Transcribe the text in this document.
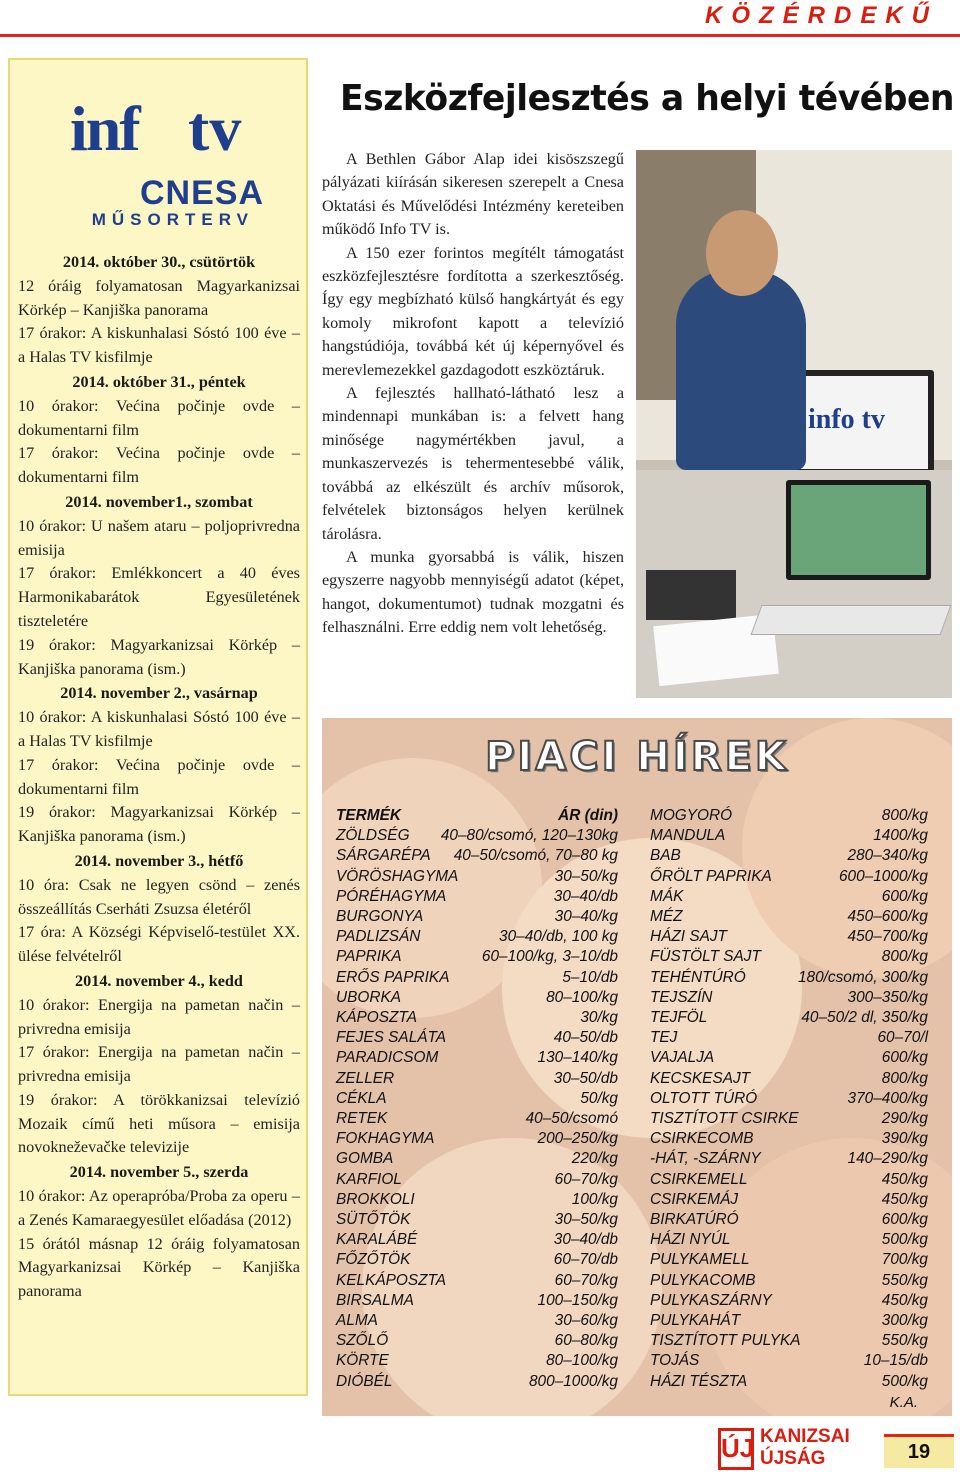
KÖZÉRDEKŰ
inf tv
CNESA
MŰSORTERV
2014. október 30., csütörtök
12 óráig folyamatosan Magyarkanizsai Körkép – Kanjiška panorama
17 órakor: A kiskunhalasi Sóstó 100 éve – a Halas TV kisfilmje
2014. október 31., péntek
10 órakor: Većina počinje ovde – dokumentarni film
17 órakor: Većina počinje ovde – dokumentarni film
2014. november1., szombat
10 órakor: U našem ataru – poljoprivredna emisija
17 órakor: Emlékkoncert a 40 éves Harmonikabarátok Egyesületének tiszteletére
19 órakor: Magyarkanizsai Körkép – Kanjiška panorama (ism.)
2014. november 2., vasárnap
10 órakor: A kiskunhalasi Sóstó 100 éve – a Halas TV kisfilmje
17 órakor: Većina počinje ovde – dokumentarni film
19 órakor: Magyarkanizsai Körkép – Kanjiška panorama (ism.)
2014. november 3., hétfő
10 óra: Csak ne legyen csönd – zenés összeállítás Cserháti Zsuzsa életéről
17 óra: A Községi Képviselő-testület XX. ülése felvételről
2014. november 4., kedd
10 órakor: Energija na pametan način – privredna emisija
17 órakor: Energija na pametan način – privredna emisija
19 órakor: A törökkanizsai televízió Mozaik című heti műsora – emisija novokneževačke televizije
2014. november 5., szerda
10 órakor: Az operapróba/Proba za operu – a Zenés Kamaraegyesület előadása (2012)
15 órától másnap 12 óráig folyamatosan Magyarkanizsai Körkép – Kanjiška panorama
Eszközfejlesztés a helyi tévében

A Bethlen Gábor Alap idei kisöszszegű pályázati kiírásán sikeresen szerepelt a Cnesa Oktatási és Művelődési Intézmény kereteiben működő Info TV is.

A 150 ezer forintos megítélt támogatást eszközfejlesztésre fordította a szerkesztőség. Így egy megbízható külső hangkártyát és egy komoly mikrofont kapott a televízió hangstúdiója, továbbá két új képernyővel és merevlemezekkel gazdagodott eszköztáruk.

A fejlesztés hallható-látható lesz a mindennapi munkában is: a felvett hang minősége nagymértékben javul, a munkaszervezés is tehermentesebbé válik, továbbá az elkészült és archív műsorok, felvételek biztonságos helyen kerülnek tárolásra.

A munka gyorsabbá is válik, hiszen egyszerre nagyobb mennyiségű adatot (képet, hangot, dokumentumot) tudnak mozgatni és felhasználni. Erre eddig nem volt lehetőség.

info tv
PIACI HÍREK
TERMÉK	ÁR (din)
ZÖLDSÉG 40–80/csomó, 120–130kg
SÁRGARÉPA 40–50/csomó, 70–80 kg
VÖRÖSHAGYMA	30–50/kg
PÓRÉHAGYMA	30–40/db
BURGONYA	30–40/kg
PADLIZSÁN	30–40/db, 100 kg
PAPRIKA	60–100/kg, 3–10/db
ERŐS PAPRIKA	5–10/db
UBORKA	80–100/kg
KÁPOSZTA	30/kg
FEJES SALÁTA	40–50/db
PARADICSOM	130–140/kg
ZELLER	30–50/db
CÉKLA	50/kg
RETEK	40–50/csomó
FOKHAGYMA	200–250/kg
GOMBA	220/kg
KARFIOL	60–70/kg
BROKKOLI	100/kg
SÜTŐTÖK	30–50/kg
KARALÁBÉ	30–40/db
FŐZŐTÖK	60–70/db
KELKÁPOSZTA	60–70/kg
BIRSALMA	100–150/kg
ALMA	30–60/kg
SZŐLŐ	60–80/kg
KÖRTE	80–100/kg
DIÓBÉL	800–1000/kg
MOGYORÓ	800/kg
MANDULA	1400/kg
BAB	280–340/kg
ŐRÖLT PAPRIKA	600–1000/kg
MÁK	600/kg
MÉZ	450–600/kg
HÁZI SAJT	450–700/kg
FÜSTÖLT SAJT	800/kg
TEHÉNTÚRÓ	180/csomó, 300/kg
TEJSZÍN	300–350/kg
TEJFÖL	40–50/2 dl, 350/kg
TEJ	60–70/l
VAJALJA	600/kg
KECSKESAJT	800/kg
OLTOTT TÚRÓ	370–400/kg
TISZTÍTOTT CSIRKE	290/kg
CSIRKECOMB	390/kg
-HÁT, -SZÁRNY	140–290/kg
CSIRKEMELL	450/kg
CSIRKEMÁJ	450/kg
BIRKATÚRÓ	600/kg
HÁZI NYÚL	500/kg
PULYKAMELL	700/kg
PULYKACOMB	550/kg
PULYKASZÁRNY	450/kg
PULYKAHÁT	300/kg
TISZTÍTOTT PULYKA	550/kg
TOJÁS	10–15/db
HÁZI TÉSZTA	500/kg
K.A.
ÚJ KANIZSAI
ÚJSÁG	19
